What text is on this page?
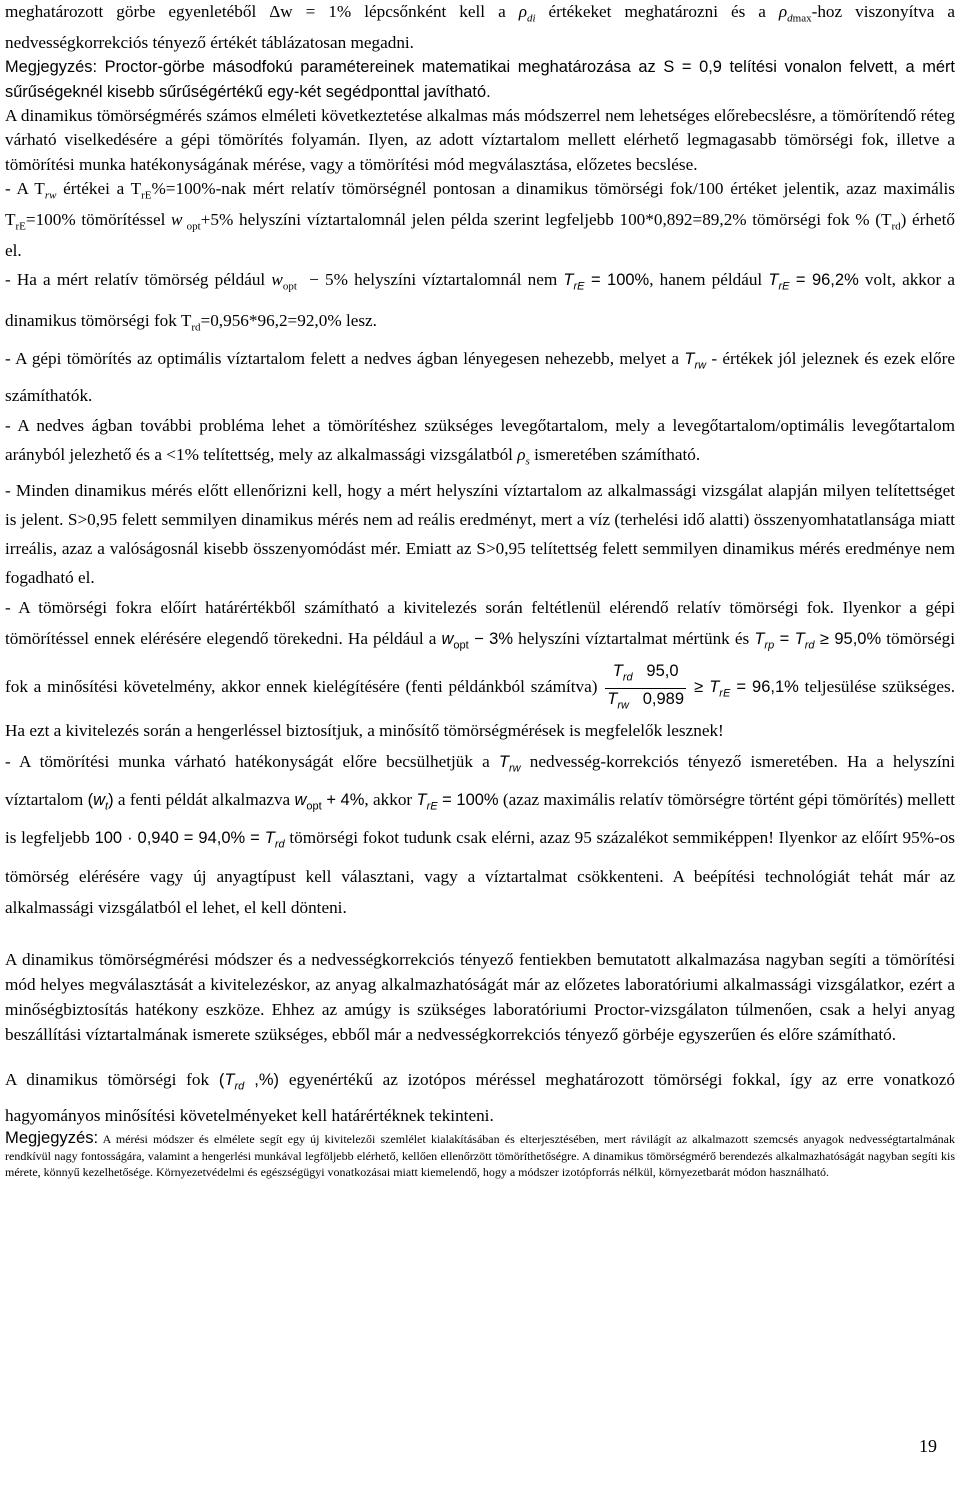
meghatározott görbe egyenletéből Δw = 1% lépcsőnként kell a $\rho_{di}$ értékeket meghatározni és a $\rho_{dmax}$-hoz viszonyítva a nedvességkorrekciós tényező értékét táblázatosan megadni.

Megjegyzés: Proctor-görbe másodfokú paramétereinek matematikai meghatározása az S = 0,9 telítési vonalon felvett, a mért sűrűségeknél kisebb sűrűségértékű egy-két segédponttal javítható.

A dinamikus tömörségmérés számos elméleti következtetése alkalmas más módszerrel nem lehetséges előrebecslésre, a tömörítendő réteg várható viselkedésére a gépi tömörítés folyamán. Ilyen, az adott víztartalom mellett elérhető legmagasabb tömörségi fok, illetve a tömörítési munka hatékonyságának mérése, vagy a tömörítési mód megválasztása, előzetes becslése.

- A $T_{rw}$ értékei a $T_{rE}\%=100\%$-nak mért relatív tömörségnél pontosan a dinamikus tömörségi fok/100 értéket jelentik, azaz maximális $T_{rE}=100\%$ tömörítéssel w $_{opt}$+5% helyszíni víztartalomnál jelen példa szerint legfeljebb 100*0,892=89,2% tömörségi fok % $(T_{rd})$ érhető el.

- Ha a mért relatív tömörség például $w_{opt} - 5\%$ helyszíni víztartalomnál nem $T_{rE} = 100\%$, hanem például $T_{rE} = 96,2\%$ volt, akkor a dinamikus tömörségi fok $T_{rd}=0,956*96,2=92,0\%$ lesz.

- A gépi tömörítés az optimális víztartalom felett a nedves ágban lényegesen nehezebb, melyet a $T_{rw}$ - értékek jól jeleznek és ezek előre számíthatók.

- A nedves ágban további probléma lehet a tömörítéshez szükséges levegőtartalom, mely a levegőtartalom/optimális levegőtartalom arányból jelezhető és a <1% telítettség, mely az alkalmassági vizsgálatból $\rho_s$ ismeretében számítható.

- Minden dinamikus mérés előtt ellenőrizni kell, hogy a mért helyszíni víztartalom az alkalmassági vizsgálat alapján milyen telítettséget is jelent. S>0,95 felett semmilyen dinamikus mérés nem ad reális eredményt, mert a víz (terhelési idő alatti) összenyomhatatlansága miatt irreális, azaz a valóságosnál kisebb összenyomódást mér. Emiatt az S>0,95 telítettség felett semmilyen dinamikus mérés eredménye nem fogadható el.

- A tömörségi fokra előírt határértékből számítható a kivitelezés során feltétlenül elérendő relatív tömörségi fok. Ilyenkor a gépi tömörítéssel ennek elérésére elegendő törekedni. Ha például a $w_{opt} - 3\%$ helyszíni víztartalmat mértünk és $T_{rp} = T_{rd} \ge 95,0\%$ tömörségi fok a minősítési követelmény, akkor ennek kielégítésére (fenti példánkból számítva) $\frac{T_{rd} 95,0}{T_{rw} 0,989} \ge T_{rE} = 96,1\%$ teljesülése szükséges. Ha ezt a kivitelezés során a hengerléssel biztosítjuk, a minősítő tömörségmérések is megfelelők lesznek!

- A tömörítési munka várható hatékonyságát előre becsülhetjük a $T_{rw}$ nedvesség-korrekciós tényező ismeretében. Ha a helyszíni víztartalom $(w_t)$ a fenti példát alkalmazva $w_{opt} + 4\%$, akkor $T_{rE} = 100\%$ (azaz maximális relatív tömörségre történt gépi tömörítés) mellett is legfeljebb $100 \cdot 0,940 = 94,0\% = T_{rd}$ tömörségi fokot tudunk csak elérni, azaz 95 százalékot semmiképpen! Ilyenkor az előírt 95%-os tömörség elérésére vagy új anyagtípust kell választani, vagy a víztartalmat csökkenteni. A beépítési technológiát tehát már az alkalmassági vizsgálatból el lehet, el kell dönteni.

A dinamikus tömörségmérési módszer és a nedvességkorrekciós tényező fentiekben bemutatott alkalmazása nagyban segíti a tömörítési mód helyes megválasztását a kivitelezéskor, az anyag alkalmazhatóságát már az előzetes laboratóriumi alkalmassági vizsgálatkor, ezért a minőségbiztosítás hatékony eszköze. Ehhez az amúgy is szükséges laboratóriumi Proctor-vizsgálaton túlmenően, csak a helyi anyag beszállítási víztartalmának ismerete szükséges, ebből már a nedvességkorrekciós tényező görbéje egyszerűen és előre számítható.

A dinamikus tömörségi fok ($T_{rd}$ ,%) egyenértékű az izotópos méréssel meghatározott tömörségi fokkal, így az erre vonatkozó hagyományos minősítési követelményeket kell határértéknek tekinteni.

Megjegyzés: A mérési módszer és elmélete segít egy új kivitelezői szemlélet kialakításában és elterjesztésében, mert rávilágít az alkalmazott szemcsés anyagok nedvességtartalmának rendkívül nagy fontosságára, valamint a hengerlési munkával legföljebb elérhető, kellően ellenőrzött tömöríthetőségre. A dinamikus tömörségmérő berendezés alkalmazhatóságát nagyban segíti kis mérete, könnyű kezelhetősége. Környezetvédelmi és egészségügyi vonatkozásai miatt kiemelendő, hogy a módszer izotópforrás nélkül, környezetbarát módon használható.
19
